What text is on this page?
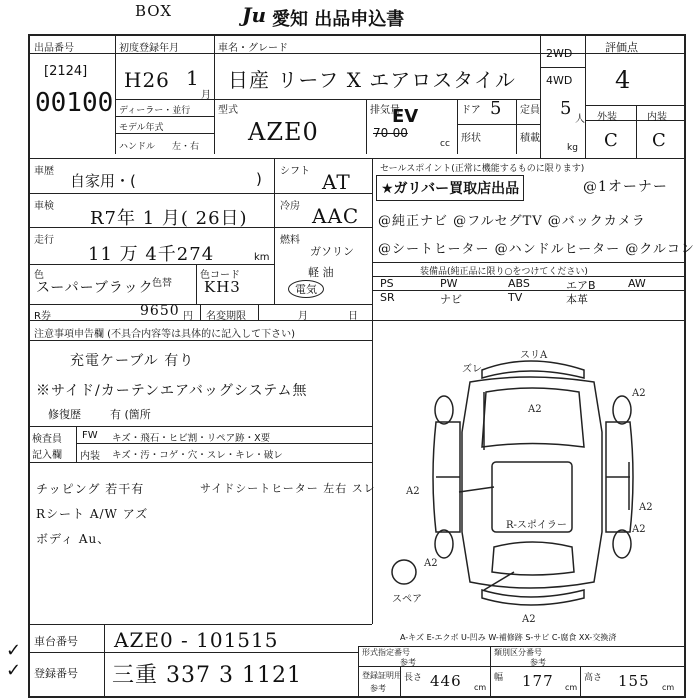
BOX	Ju 愛知 出品申込書
出品番号
[2124]
00100
初度登録年月
H26 1
月
車名・グレード
日産 リーフ X エアロスタイル
2WD
4WD
評価点
4
外装	内装
C C
ディーラー・並行
モデル年式
ハンドル 左・右
型式
AZE0
排気量
EV
70-00
cc
ドア 5 定員 5
人
形状	積載
kg
車歴
自家用・(	)
車検
R7年 1 月( 26日)
走行
11 万 4千274	km
色
スーパーブラック
色替
色コード
KH3
シフト AT
冷房 AAC
燃料
ガソリン
軽 油
電気
セールスポイント(正常に機能するものに限ります)
★ガリバー買取店出品	@1オーナー
@純正ナビ @フルセグTV @バックカメラ
@シートヒーター @ハンドルヒーター @クルコン
装備品(純正品に限り○をつけてください)
PS	PW	ABS	エアB	AW
SR	ナビ	TV	本革
R券	9650 円 名変期限	月	日
注意事項申告欄 (不具合内容等は具体的に記入して下さい)
充電ケーブル 有り
※サイド/カーテンエアバッグシステム無
修復歴	有 (箇所
検査員
記入欄
FW キズ・飛石・ヒビ割・リペア跡・X要
内装 キズ・汚・コゲ・穴・スレ・キレ・破レ
チッピング 若干有	サイドシートヒーター 左右 スレ
Rシート A/W アズ
ボディ Au、
スリA
ズレ
A2
A2
A2
R-スポイラー
A2
A2
A2
A2
スペア
A-キズ E-エクボ U-凹み W-補修跡 S-サビ C-腐食 XX-交換済
車台番号 AZE0 - 101515
登録番号 三重 337 3 1121
✓
✓
形式指定番号
参考
類別区分番号
参考
登録証明用
参考
長さ 446 cm
幅 177 cm
高さ 155 cm
